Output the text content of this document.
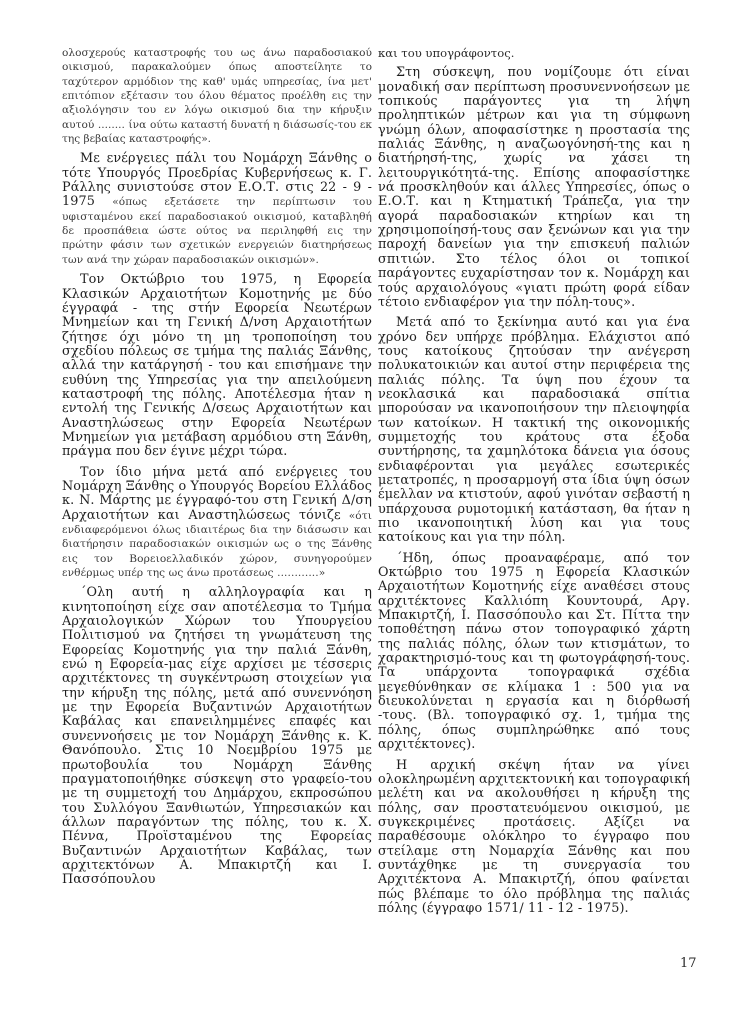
ολοσχερούς καταστροφής του ως άνω παραδοσιακού οικισμού, παρακαλούμεν όπως αποστείλητε το ταχύτερον αρμόδιον της καθ' υμάς υπηρεσίας, ίνα μετ' επιτόπιον εξέτασιν του όλου θέματος προέλθη εις την αξιολόγησιν του εν λόγω οικισμού δια την κήρυξιν αυτού ........ ίνα ούτω καταστή δυνατή η διάσωσίς-του εκ της βεβαίας καταστροφής».

Με ενέργειες πάλι του Νομάρχη Ξάνθης ο τότε Υπουργός Προεδρίας Κυβερνήσεως κ. Γ. Ράλλης συνιστούσε στον Ε.Ο.Τ. στις 22 - 9 - 1975 «όπως εξετάσετε την περίπτωσιν του υφισταμένου εκεί παραδοσιακού οικισμού, καταβληθή δε προσπάθεια ώστε ούτος να περιληφθή εις την πρώτην φάσιν των σχετικών ενεργειών διατηρήσεως των ανά την χώραν παραδοσιακών οικισμών».

Τον Οκτώβριο του 1975, η Εφορεία Κλασικών Αρχαιοτήτων Κομοτηνής με δύο έγγραφά - της στήν Εφορεία Νεωτέρων Μνημείων και τη Γενική Δ/νση Αρχαιοτήτων ζήτησε όχι μόνο τη μη τροποποίηση του σχεδίου πόλεως σε τμήμα της παλιάς Ξάνθης, αλλά την κατάργησή - του και επισήμανε την ευθύνη της Υπηρεσίας για την απειλούμενη καταστροφή της πόλης. Αποτέλεσμα ήταν η εντολή της Γενικής Δ/σεως Αρχαιοτήτων και Αναστηλώσεως στην Εφορεία Νεωτέρων Μνημείων για μετάβαση αρμόδιου στη Ξάνθη, πράγμα που δεν έγινε μέχρι τώρα.

Τον ίδιο μήνα μετά από ενέργειες του Νομάρχη Ξάνθης ο Υπουργός Βορείου Ελλάδος κ. Ν. Μάρτης με έγγραφό-του στη Γενική Δ/ση Αρχαιοτήτων και Αναστηλώσεως τόνιζε «ότι ενδιαφερόμενοι όλως ιδιαιτέρως δια την διάσωσιν και διατήρησιν παραδοσιακών οικισμών ως ο της Ξάνθης εις τον Βορειοελλαδικόν χώρον, συνηγορούμεν ενθέρμως υπέρ της ως άνω προτάσεως ............»

΄Ολη αυτή η αλληλογραφία και η κινητοποίηση είχε σαν αποτέλεσμα το Τμήμα Αρχαιολογικών Χώρων του Υπουργείου Πολιτισμού να ζητήσει τη γνωμάτευση της Εφορείας Κομοτηνής για την παλιά Ξάνθη, ενώ η Εφορεία-μας είχε αρχίσει με τέσσερις αρχιτέκτονες τη συγκέντρωση στοιχείων για την κήρυξη της πόλης, μετά από συνεννόηση με την Εφορεία Βυζαντινών Αρχαιοτήτων Καβάλας και επανειλημμένες επαφές και συνεννοήσεις με τον Νομάρχη Ξάνθης κ. Κ. Θανόπουλο. Στις 10 Νοεμβρίου 1975 με πρωτοβουλία του Νομάρχη Ξάνθης πραγματοποιήθηκε σύσκεψη στο γραφείο-του με τη συμμετοχή του Δημάρχου, εκπροσώπου του Συλλόγου Ξανθιωτών, Υπηρεσιακών και άλλων παραγόντων της πόλης, του κ. Χ. Πέννα, Προϊσταμένου της Εφορείας Βυζαντινών Αρχαιοτήτων Καβάλας, των αρχιτεκτόνων Α. Μπακιρτζή και Ι. Πασσόπουλου

και του υπογράφοντος.

Στη σύσκεψη, που νομίζουμε ότι είναι μοναδική σαν περίπτωση προσυνεννοήσεων με τοπικούς παράγοντες για τη λήψη προληπτικών μέτρων και για τη σύμφωνη γνώμη όλων, αποφασίστηκε η προστασία της παλιάς Ξάνθης, η αναζωογόνησή-της και η διατήρησή-της, χωρίς να χάσει τη λειτουργικότητά-της. Επίσης αποφασίστηκε νά προσκληθούν και άλλες Υπηρεσίες, όπως ο Ε.Ο.Τ. και η Κτηματική Τράπεζα, για την αγορά παραδοσιακών κτηρίων και τη χρησιμοποίησή-τους σαν ξενώνων και για την παροχή δανείων για την επισκευή παλιών σπιτιών. Στο τέλος όλοι οι τοπικοί παράγοντες ευχαρίστησαν τον κ. Νομάρχη και τούς αρχαιολόγους «γιατι πρώτη φορά είδαν τέτοιο ενδιαφέρον για την πόλη-τους».

Μετά από το ξεκίνημα αυτό και για ένα χρόνο δεν υπήρχε πρόβλημα. Ελάχιστοι από τους κατοίκους ζητούσαν την ανέγερση πολυκατοικιών και αυτοί στην περιφέρεια της παλιάς πόλης. Τα ύψη που έχουν τα νεοκλασικά και παραδοσιακά σπίτια μπορούσαν να ικανοποιήσουν την πλειοψηφία των κατοίκων. Η τακτική της οικονομικής συμμετοχής του κράτους στα έξοδα συντήρησης, τα χαμηλότοκα δάνεια για όσους ενδιαφέρονται για μεγάλες εσωτερικές μετατροπές, η προσαρμογή στα ίδια ύψη όσων έμελλαν να κτιστούν, αφού γινόταν σεβαστή η υπάρχουσα ρυμοτομική κατάσταση, θα ήταν η πιο ικανοποιητική λύση και για τους κατοίκους και για την πόλη.

΄Ηδη, όπως προαναφέραμε, από τον Οκτώβριο του 1975 η Εφορεία Κλασικών Αρχαιοτήτων Κομοτηνής είχε αναθέσει στους αρχιτέκτονες Καλλιόπη Κουντουρά, Αργ. Μπακιρτζή, Ι. Πασσόπουλο και Στ. Πίττα την τοποθέτηση πάνω στον τοπογραφικό χάρτη της παλιάς πόλης, όλων των κτισμάτων, το χαρακτηρισμό-τους και τη φωτογράφησή-τους. Τα υπάρχοντα τοπογραφικά σχέδια μεγεθύνθηκαν σε κλίμακα 1 : 500 για να διευκολύνεται η εργασία και η διόρθωσή -τους. (Βλ. τοπογραφικό σχ. 1, τμήμα της πόλης, όπως συμπληρώθηκε από τους αρχιτέκτονες).

Η αρχική σκέψη ήταν να γίνει ολοκληρωμένη αρχιτεκτονική και τοπογραφική μελέτη και να ακολουθήσει η κήρυξη της πόλης, σαν προστατευόμενου οικισμού, με συγκεκριμένες προτάσεις. Αξίζει να παραθέσουμε ολόκληρο το έγγραφο που στείλαμε στη Νομαρχία Ξάνθης και που συντάχθηκε με τη συνεργασία του Αρχιτέκτονα Α. Μπακιρτζή, όπου φαίνεται πώς βλέπαμε το όλο πρόβλημα της παλιάς πόλης (έγγραφο 1571/ 11 - 12 - 1975).

17
